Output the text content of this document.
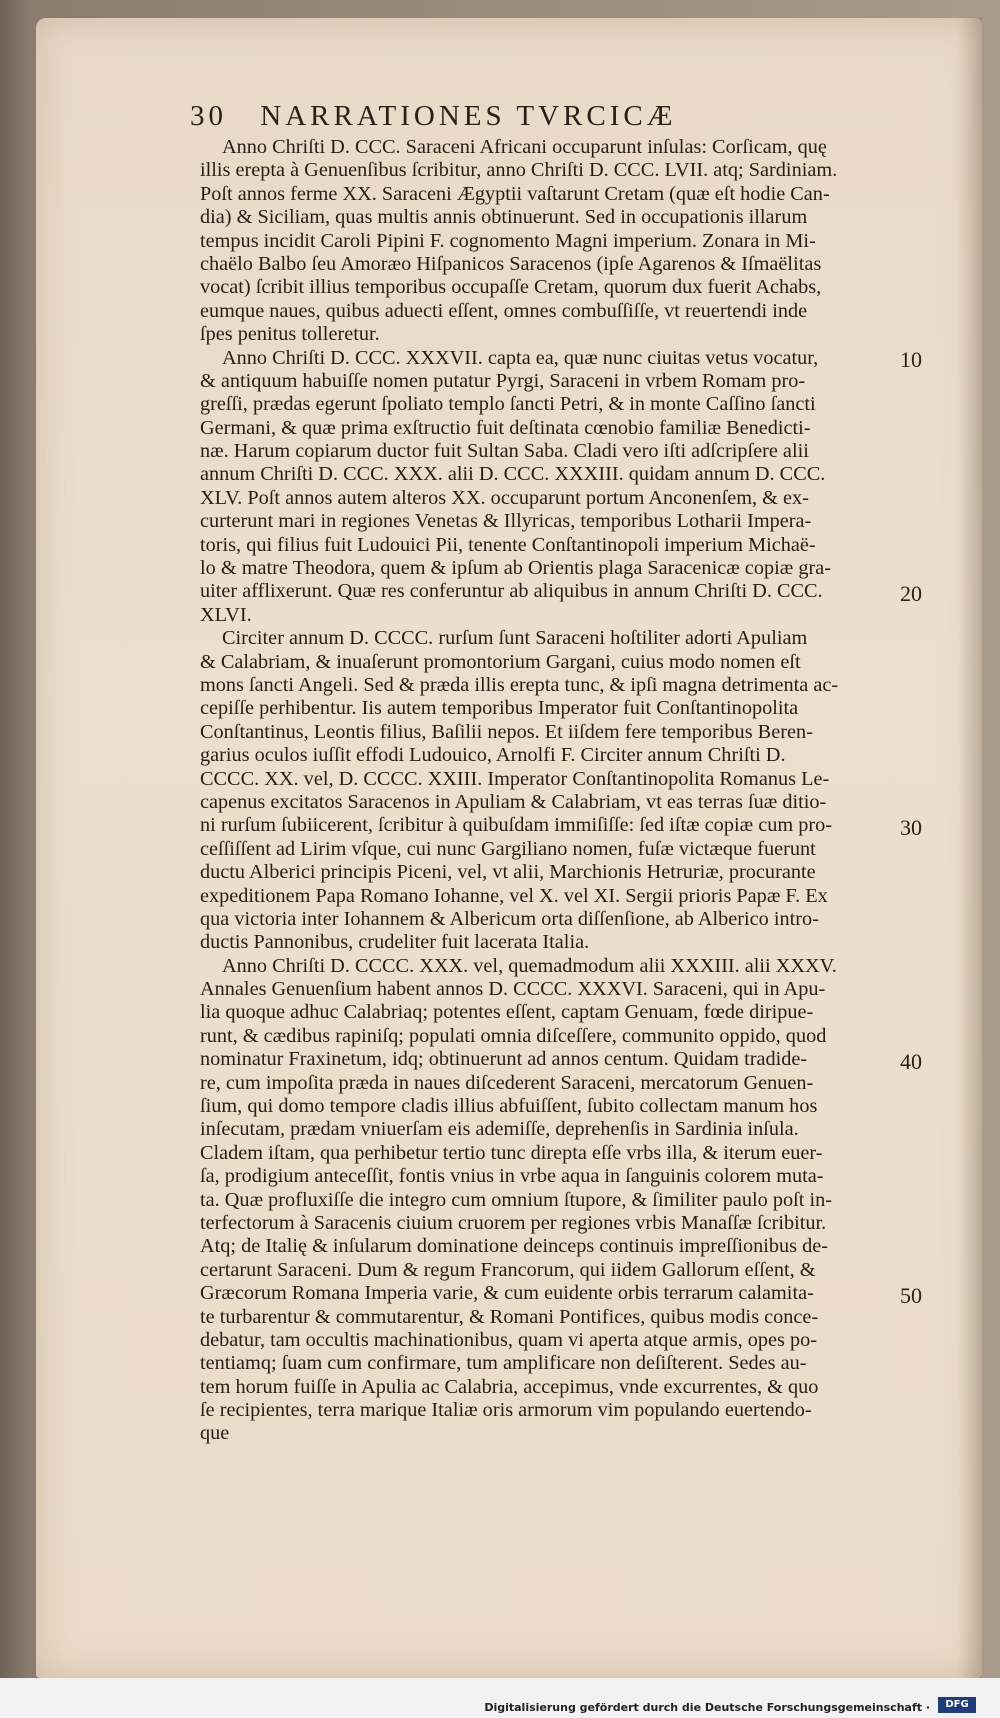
30 NARRATIONES TVRCICÆ
Anno Chriſti D. CCC. Saraceni Africani occuparunt inſulas: Corſicam, quę
illis erepta à Genuenſibus ſcribitur, anno Chriſti D. CCC. LVII. atq; Sardiniam.
Poſt annos ferme XX. Saraceni Ægyptii vaſtarunt Cretam (quæ eſt hodie Can-
dia) & Siciliam, quas multis annis obtinuerunt. Sed in occupationis illarum
tempus incidit Caroli Pipini F. cognomento Magni imperium. Zonara in Mi-
chaëlo Balbo ſeu Amoræo Hiſpanicos Saracenos (ipſe Agarenos & Iſmaëlitas
vocat) ſcribit illius temporibus occupaſſe Cretam, quorum dux fuerit Achabs,
eumque naues, quibus aduecti eſſent, omnes combuſſiſſe, vt reuertendi inde
ſpes penitus tolleretur.
Anno Chriſti D. CCC. XXXVII. capta ea, quæ nunc ciuitas vetus vocatur,
& antiquum habuiſſe nomen putatur Pyrgi, Saraceni in vrbem Romam pro-
greſſi, prædas egerunt ſpoliato templo ſancti Petri, & in monte Caſſino ſancti
Germani, & quæ prima exſtructio fuit deſtinata cœnobio familiæ Benedicti-
næ. Harum copiarum ductor fuit Sultan Saba. Cladi vero iſti adſcripſere alii
annum Chriſti D. CCC. XXX. alii D. CCC. XXXIII. quidam annum D. CCC.
XLV. Poſt annos autem alteros XX. occuparunt portum Anconenſem, & ex-
curterunt mari in regiones Venetas & Illyricas, temporibus Lotharii Impera-
toris, qui filius fuit Ludouici Pii, tenente Conſtantinopoli imperium Michaë-
lo & matre Theodora, quem & ipſum ab Orientis plaga Saracenicæ copiæ gra-
uiter afflixerunt. Quæ res conferuntur ab aliquibus in annum Chriſti D. CCC.
XLVI.
Circiter annum D. CCCC. rurſum ſunt Saraceni hoſtiliter adorti Apuliam
& Calabriam, & inuaſerunt promontorium Gargani, cuius modo nomen eſt
mons ſancti Angeli. Sed & præda illis erepta tunc, & ipſi magna detrimenta ac-
cepiſſe perhibentur. Iis autem temporibus Imperator fuit Conſtantinopolita
Conſtantinus, Leontis filius, Baſilii nepos. Et iiſdem fere temporibus Beren-
garius oculos iuſſit effodi Ludouico, Arnolfi F. Circiter annum Chriſti D.
CCCC. XX. vel, D. CCCC. XXIII. Imperator Conſtantinopolita Romanus Le-
capenus excitatos Saracenos in Apuliam & Calabriam, vt eas terras ſuæ ditio-
ni rurſum ſubiicerent, ſcribitur à quibuſdam immiſiſſe: ſed iſtæ copiæ cum pro-
ceſſiſſent ad Lirim vſque, cui nunc Gargiliano nomen, fuſæ victæque fuerunt
ductu Alberici principis Piceni, vel, vt alii, Marchionis Hetruriæ, procurante
expeditionem Papa Romano Iohanne, vel X. vel XI. Sergii prioris Papæ F. Ex
qua victoria inter Iohannem & Albericum orta diſſenſione, ab Alberico intro-
ductis Pannonibus, crudeliter fuit lacerata Italia.
Anno Chriſti D. CCCC. XXX. vel, quemadmodum alii XXXIII. alii XXXV.
Annales Genuenſium habent annos D. CCCC. XXXVI. Saraceni, qui in Apu-
lia quoque adhuc Calabriaq; potentes eſſent, captam Genuam, fœde diripue-
runt, & cædibus rapiniſq; populati omnia diſceſſere, communito oppido, quod
nominatur Fraxinetum, idq; obtinuerunt ad annos centum. Quidam tradide-
re, cum impoſita præda in naues diſcederent Saraceni, mercatorum Genuen-
ſium, qui domo tempore cladis illius abfuiſſent, ſubito collectam manum hos
inſecutam, prædam vniuerſam eis ademiſſe, deprehenſis in Sardinia inſula.
Cladem iſtam, qua perhibetur tertio tunc direpta eſſe vrbs illa, & iterum euer-
ſa, prodigium anteceſſit, fontis vnius in vrbe aqua in ſanguinis colorem muta-
ta. Quæ profluxiſſe die integro cum omnium ſtupore, & ſimiliter paulo poſt in-
terfectorum à Saracenis ciuium cruorem per regiones vrbis Manaſſæ ſcribitur.
Atq; de Italię & inſularum dominatione deinceps continuis impreſſionibus de-
certarunt Saraceni. Dum & regum Francorum, qui iidem Gallorum eſſent, &
Græcorum Romana Imperia varie, & cum euidente orbis terrarum calamita-
te turbarentur & commutarentur, & Romani Pontifices, quibus modis conce-
debatur, tam occultis machinationibus, quam vi aperta atque armis, opes po-
tentiamq; ſuam cum confirmare, tum amplificare non deſiſterent. Sedes au-
tem horum fuiſſe in Apulia ac Calabria, accepimus, vnde excurrentes, & quo
ſe recipientes, terra marique Italiæ oris armorum vim populando euertendo-
que
10
20
30
40
50
Digitalisierung gefördert durch die Deutsche Forschungsgemeinschaft ·	DFG
